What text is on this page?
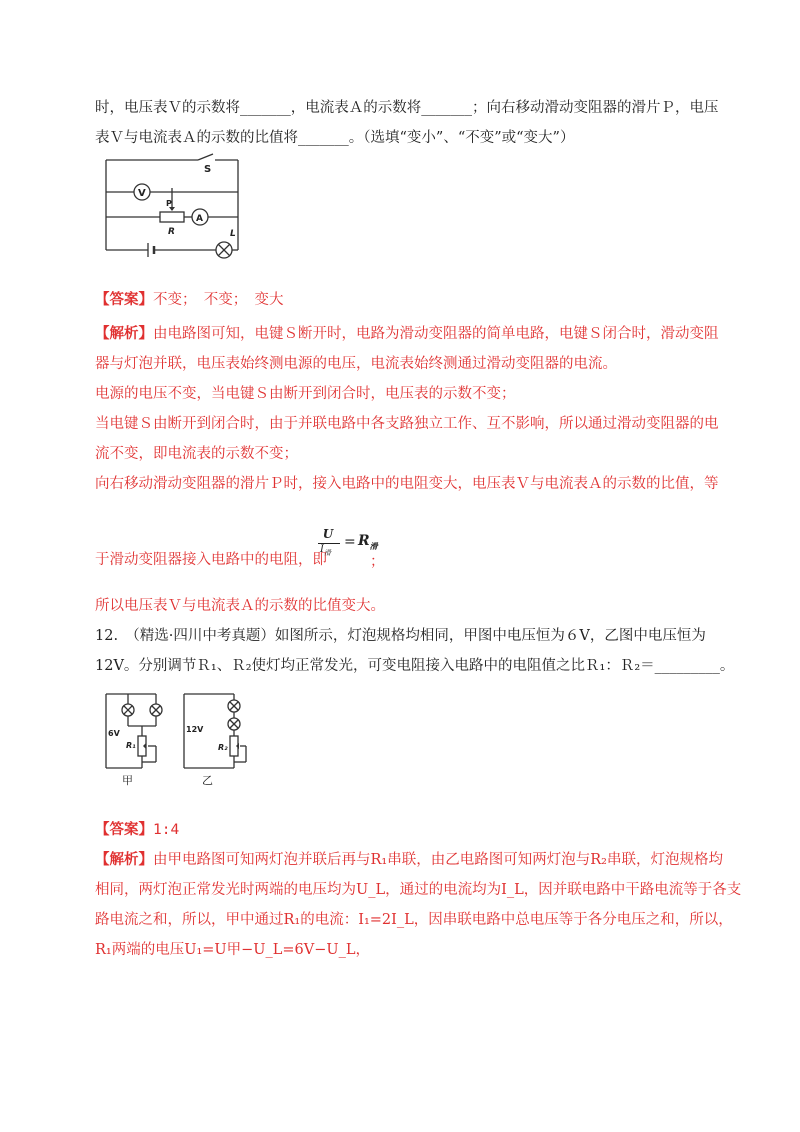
时，电压表Ｖ的示数将_______，电流表Ａ的示数将_______；向右移动滑动变阻器的滑片Ｐ，电压
表Ｖ与电流表Ａ的示数的比值将_______。（选填“变小”、“不变”或“变大”）
S
V
P
R
A
L
【答案】不变；　不变；　变大
【解析】由电路图可知，电键Ｓ断开时，电路为滑动变阻器的简单电路，电键Ｓ闭合时，滑动变阻
器与灯泡并联，电压表始终测电源的电压，电流表始终测通过滑动变阻器的电流。
电源的电压不变，当电键Ｓ由断开到闭合时，电压表的示数不变；
当电键Ｓ由断开到闭合时，由于并联电路中各支路独立工作、互不影响，所以通过滑动变阻器的电
流不变，即电流表的示数不变；
向右移动滑动变阻器的滑片Ｐ时，接入电路中的电阻变大，电压表Ｖ与电流表Ａ的示数的比值，等
于滑动变阻器接入电路中的电阻，即
U
$I_滑$
= $R_滑$
；
所以电压表Ｖ与电流表Ａ的示数的比值变大。
12.　（精选·四川中考真题）如图所示，灯泡规格均相同，甲图中电压恒为６V，乙图中电压恒为
12V。分别调节Ｒ₁、Ｒ₂使灯均正常发光，可变电阻接入电路中的电阻值之比Ｒ₁：Ｒ₂＝_________。
6V
R₁
甲
12V
R₂
乙
【答案】1:4
【解析】由甲电路图可知两灯泡并联后再与R₁串联，由乙电路图可知两灯泡与R₂串联，灯泡规格均
相同，两灯泡正常发光时两端的电压均为U_L，通过的电流均为I_L，因并联电路中干路电流等于各支
路电流之和，所以，甲中通过R₁的电流：I₁=2I_L，因串联电路中总电压等于各分电压之和，所以，
R₁两端的电压U₁=U甲−U_L=6V−U_L，
